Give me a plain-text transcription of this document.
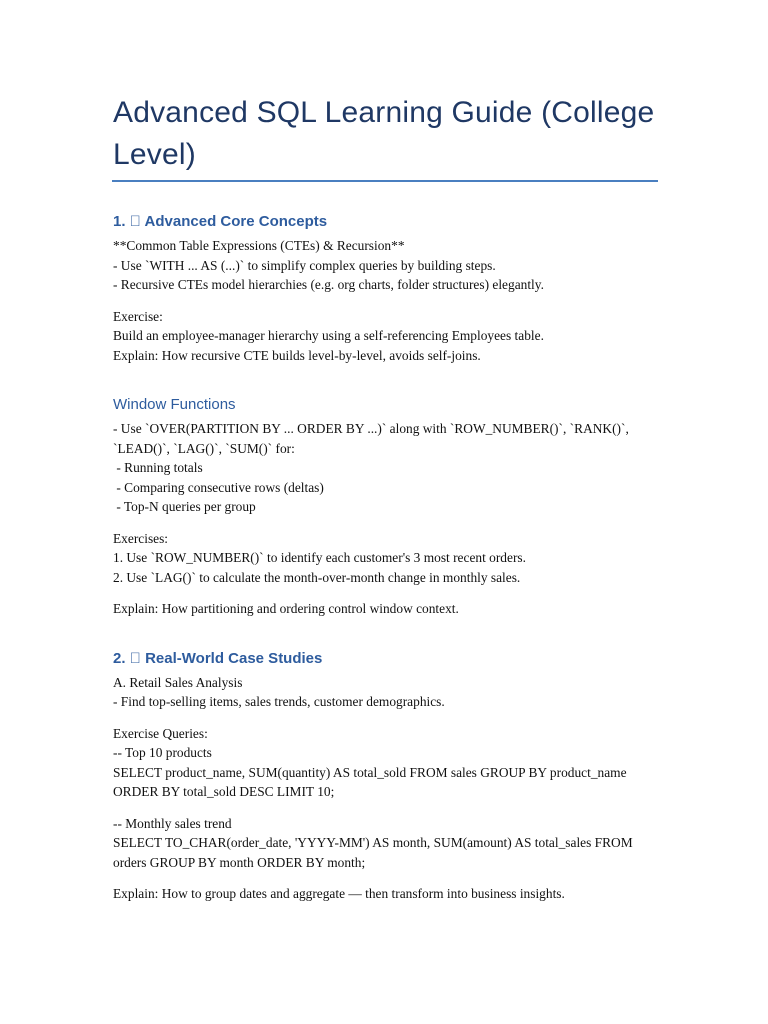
Advanced SQL Learning Guide (College Level)
1.   Advanced Core Concepts

**Common Table Expressions (CTEs) & Recursion**

- Use `WITH ... AS (...)` to simplify complex queries by building steps.

- Recursive CTEs model hierarchies (e.g. org charts, folder structures) elegantly.

Exercise:

Build an employee-manager hierarchy using a self-referencing Employees table.

Explain: How recursive CTE builds level-by-level, avoids self-joins.

Window Functions

- Use `OVER(PARTITION BY ... ORDER BY ...)` along with `ROW_NUMBER()`, `RANK()`,

`LEAD()`, `LAG()`, `SUM()` for:

- Running totals

- Comparing consecutive rows (deltas)

- Top-N queries per group

Exercises:

1. Use `ROW_NUMBER()` to identify each customer's 3 most recent orders.

2. Use `LAG()` to calculate the month-over-month change in monthly sales.

Explain: How partitioning and ordering control window context.

2.   Real-World Case Studies

A. Retail Sales Analysis

- Find top-selling items, sales trends, customer demographics.

Exercise Queries:

-- Top 10 products

SELECT product_name, SUM(quantity) AS total_sold FROM sales GROUP BY product_name

ORDER BY total_sold DESC LIMIT 10;

-- Monthly sales trend

SELECT TO_CHAR(order_date, 'YYYY-MM') AS month, SUM(amount) AS total_sales FROM

orders GROUP BY month ORDER BY month;

Explain: How to group dates and aggregate — then transform into business insights.
